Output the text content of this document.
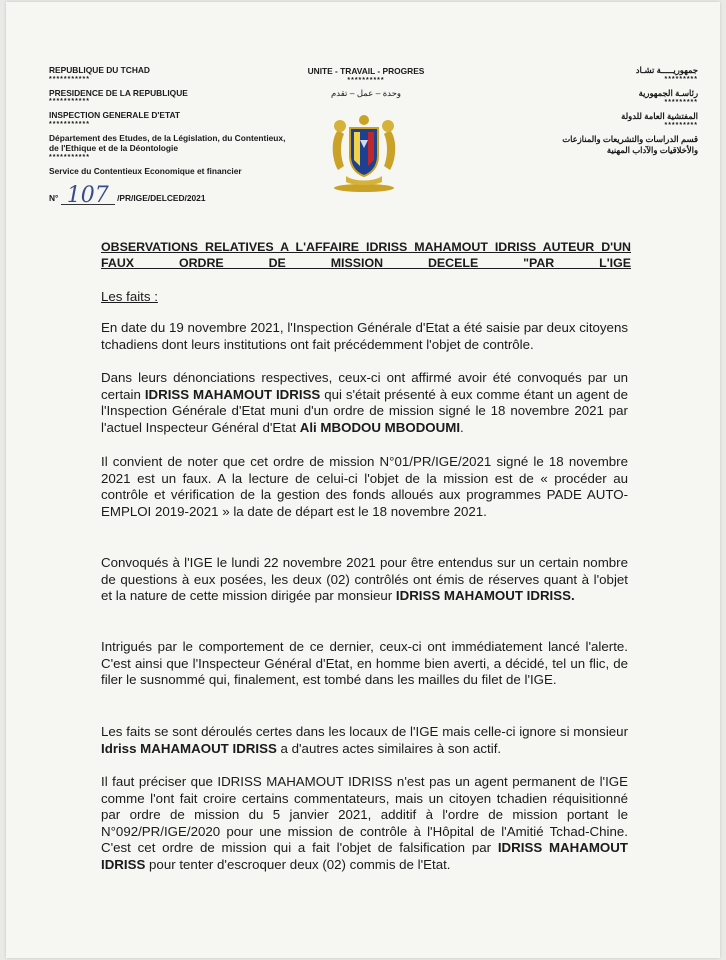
REPUBLIQUE DU TCHAD
***********
PRESIDENCE DE LA REPUBLIQUE
***********
INSPECTION GENERALE D'ETAT
***********
Département des Etudes, de la Législation, du Contentieux, de l'Ethique et de la Déontologie
***********
Service du Contentieux Economique et financier
N° 107 /PR/IGE/DELCED/2021
UNITE - TRAVAIL - PROGRES
**********
وحدة – عمل – تقدم
جمهوريـــــة تشـاد
*********
رئاسـة الجمهورية
*********
المفتشية العامة للدولة
*********
قسم الدراسات والتشريعات والمنازعات
والأخلاقيات والآداب المهنية
OBSERVATIONS RELATIVES A L'AFFAIRE IDRISS MAHAMOUT IDRISS AUTEUR D'UN FAUX ORDRE DE MISSION DECELE "PAR L'IGE
Les faits :
En date du 19 novembre 2021, l'Inspection Générale d'Etat a été saisie par deux citoyens tchadiens dont leurs institutions ont fait précédemment l'objet de contrôle.
Dans leurs dénonciations respectives, ceux-ci ont affirmé avoir été convoqués par un certain IDRISS MAHAMOUT IDRISS qui s'était présenté à eux comme étant un agent de l'Inspection Générale d'Etat muni d'un ordre de mission signé le 18 novembre 2021 par l'actuel Inspecteur Général d'Etat Ali MBODOU MBODOUMI.
Il convient de noter que cet ordre de mission N°01/PR/IGE/2021 signé le 18 novembre 2021 est un faux. A la lecture de celui-ci l'objet de la mission est de « procéder au contrôle et vérification de la gestion des fonds alloués aux programmes PADE AUTO-EMPLOI 2019-2021 » la date de départ est le 18 novembre 2021.
Convoqués à l'IGE le lundi 22 novembre 2021 pour être entendus sur un certain nombre de questions à eux posées, les deux (02) contrôlés ont émis de réserves quant à l'objet et la nature de cette mission dirigée par monsieur IDRISS MAHAMOUT IDRISS.
Intrigués par le comportement de ce dernier, ceux-ci ont immédiatement lancé l'alerte. C'est ainsi que l'Inspecteur Général d'Etat, en homme bien averti, a décidé, tel un flic, de filer le susnommé qui, finalement, est tombé dans les mailles du filet de l'IGE.
Les faits se sont déroulés certes dans les locaux de l'IGE mais celle-ci ignore si monsieur Idriss MAHAMAOUT IDRISS a d'autres actes similaires à son actif.
Il faut préciser que IDRISS MAHAMOUT IDRISS n'est pas un agent permanent de l'IGE comme l'ont fait croire certains commentateurs, mais un citoyen tchadien réquisitionné par ordre de mission du 5 janvier 2021, additif à l'ordre de mission portant le N°092/PR/IGE/2020 pour une mission de contrôle à l'Hôpital de l'Amitié Tchad-Chine. C'est cet ordre de mission qui a fait l'objet de falsification par IDRISS MAHAMOUT IDRISS pour tenter d'escroquer deux (02) commis de l'Etat.
